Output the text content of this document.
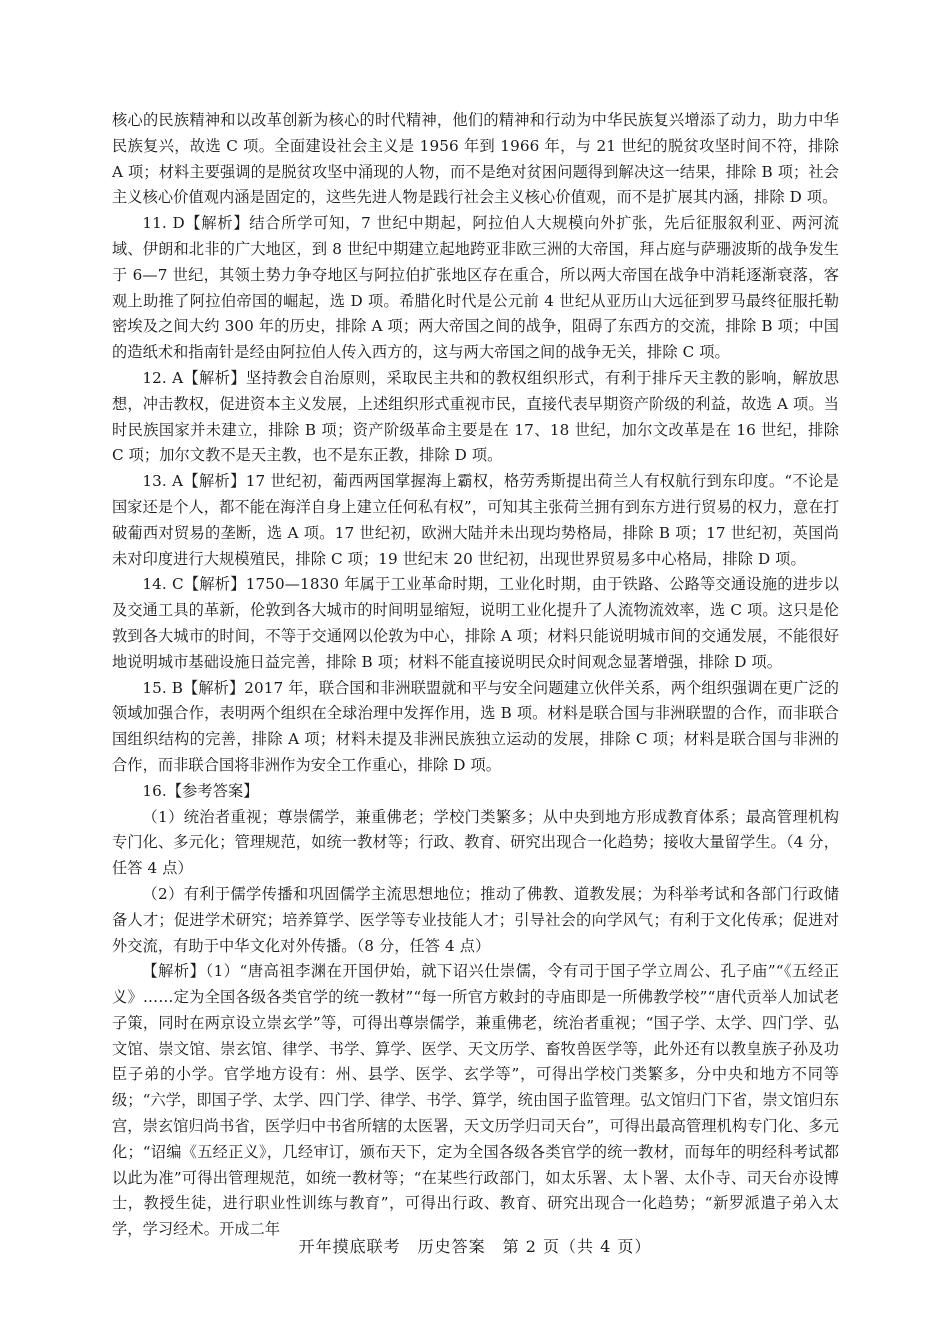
核心的民族精神和以改革创新为核心的时代精神，他们的精神和行动为中华民族复兴增添了动力，助力中华民族复兴，故选 C 项。全面建设社会主义是 1956 年到 1966 年，与 21 世纪的脱贫攻坚时间不符，排除 A 项；材料主要强调的是脱贫攻坚中涌现的人物，而不是绝对贫困问题得到解决这一结果，排除 B 项；社会主义核心价值观内涵是固定的，这些先进人物是践行社会主义核心价值观，而不是扩展其内涵，排除 D 项。

11. D【解析】结合所学可知，7 世纪中期起，阿拉伯人大规模向外扩张，先后征服叙利亚、两河流域、伊朗和北非的广大地区，到 8 世纪中期建立起地跨亚非欧三洲的大帝国，拜占庭与萨珊波斯的战争发生于 6—7 世纪，其领土势力争夺地区与阿拉伯扩张地区存在重合，所以两大帝国在战争中消耗逐渐衰落，客观上助推了阿拉伯帝国的崛起，选 D 项。希腊化时代是公元前 4 世纪从亚历山大远征到罗马最终征服托勒密埃及之间大约 300 年的历史，排除 A 项；两大帝国之间的战争，阻碍了东西方的交流，排除 B 项；中国的造纸术和指南针是经由阿拉伯人传入西方的，这与两大帝国之间的战争无关，排除 C 项。

12. A【解析】坚持教会自治原则，采取民主共和的教权组织形式，有利于排斥天主教的影响，解放思想，冲击教权，促进资本主义发展，上述组织形式重视市民，直接代表早期资产阶级的利益，故选 A 项。当时民族国家并未建立，排除 B 项；资产阶级革命主要是在 17、18 世纪，加尔文改革是在 16 世纪，排除 C 项；加尔文教不是天主教，也不是东正教，排除 D 项。

13. A【解析】17 世纪初，葡西两国掌握海上霸权，格劳秀斯提出荷兰人有权航行到东印度。“不论是国家还是个人，都不能在海洋自身上建立任何私有权”，可知其主张荷兰拥有到东方进行贸易的权力，意在打破葡西对贸易的垄断，选 A 项。17 世纪初，欧洲大陆并未出现均势格局，排除 B 项；17 世纪初，英国尚未对印度进行大规模殖民，排除 C 项；19 世纪末 20 世纪初，出现世界贸易多中心格局，排除 D 项。

14. C【解析】1750—1830 年属于工业革命时期，工业化时期，由于铁路、公路等交通设施的进步以及交通工具的革新，伦敦到各大城市的时间明显缩短，说明工业化提升了人流物流效率，选 C 项。这只是伦敦到各大城市的时间，不等于交通网以伦敦为中心，排除 A 项；材料只能说明城市间的交通发展，不能很好地说明城市基础设施日益完善，排除 B 项；材料不能直接说明民众时间观念显著增强，排除 D 项。

15. B【解析】2017 年，联合国和非洲联盟就和平与安全问题建立伙伴关系，两个组织强调在更广泛的领域加强合作，表明两个组织在全球治理中发挥作用，选 B 项。材料是联合国与非洲联盟的合作，而非联合国组织结构的完善，排除 A 项；材料未提及非洲民族独立运动的发展，排除 C 项；材料是联合国与非洲的合作，而非联合国将非洲作为安全工作重心，排除 D 项。

16.【参考答案】

（1）统治者重视；尊崇儒学，兼重佛老；学校门类繁多；从中央到地方形成教育体系；最高管理机构专门化、多元化；管理规范，如统一教材等；行政、教育、研究出现合一化趋势；接收大量留学生。（4 分，任答 4 点）

（2）有利于儒学传播和巩固儒学主流思想地位；推动了佛教、道教发展；为科举考试和各部门行政储备人才；促进学术研究；培养算学、医学等专业技能人才；引导社会的向学风气；有利于文化传承；促进对外交流，有助于中华文化对外传播。（8 分，任答 4 点）

【解析】（1）“唐高祖李渊在开国伊始，就下诏兴仕崇儒，令有司于国子学立周公、孔子庙”“《五经正义》……定为全国各级各类官学的统一教材”“每一所官方敕封的寺庙即是一所佛教学校”“唐代贡举人加试老子策，同时在两京设立崇玄学”等，可得出尊崇儒学，兼重佛老，统治者重视；“国子学、太学、四门学、弘文馆、崇文馆、崇玄馆、律学、书学、算学、医学、天文历学、畜牧兽医学等，此外还有以教皇族子孙及功臣子弟的小学。官学地方设有：州、县学、医学、玄学等”，可得出学校门类繁多，分中央和地方不同等级；“六学，即国子学、太学、四门学、律学、书学、算学，统由国子监管理。弘文馆归门下省，崇文馆归东宫，崇玄馆归尚书省，医学归中书省所辖的太医署，天文历学归司天台”，可得出最高管理机构专门化、多元化；“诏编《五经正义》，几经审订，颁布天下，定为全国各级各类官学的统一教材，而每年的明经科考试都以此为准”可得出管理规范，如统一教材等；“在某些行政部门，如太乐署、太卜署、太仆寺、司天台亦设博士，教授生徒，进行职业性训练与教育”，可得出行政、教育、研究出现合一化趋势；“新罗派遣子弟入太学，学习经术。开成二年

开年摸底联考　历史答案　第 2 页（共 4 页）
